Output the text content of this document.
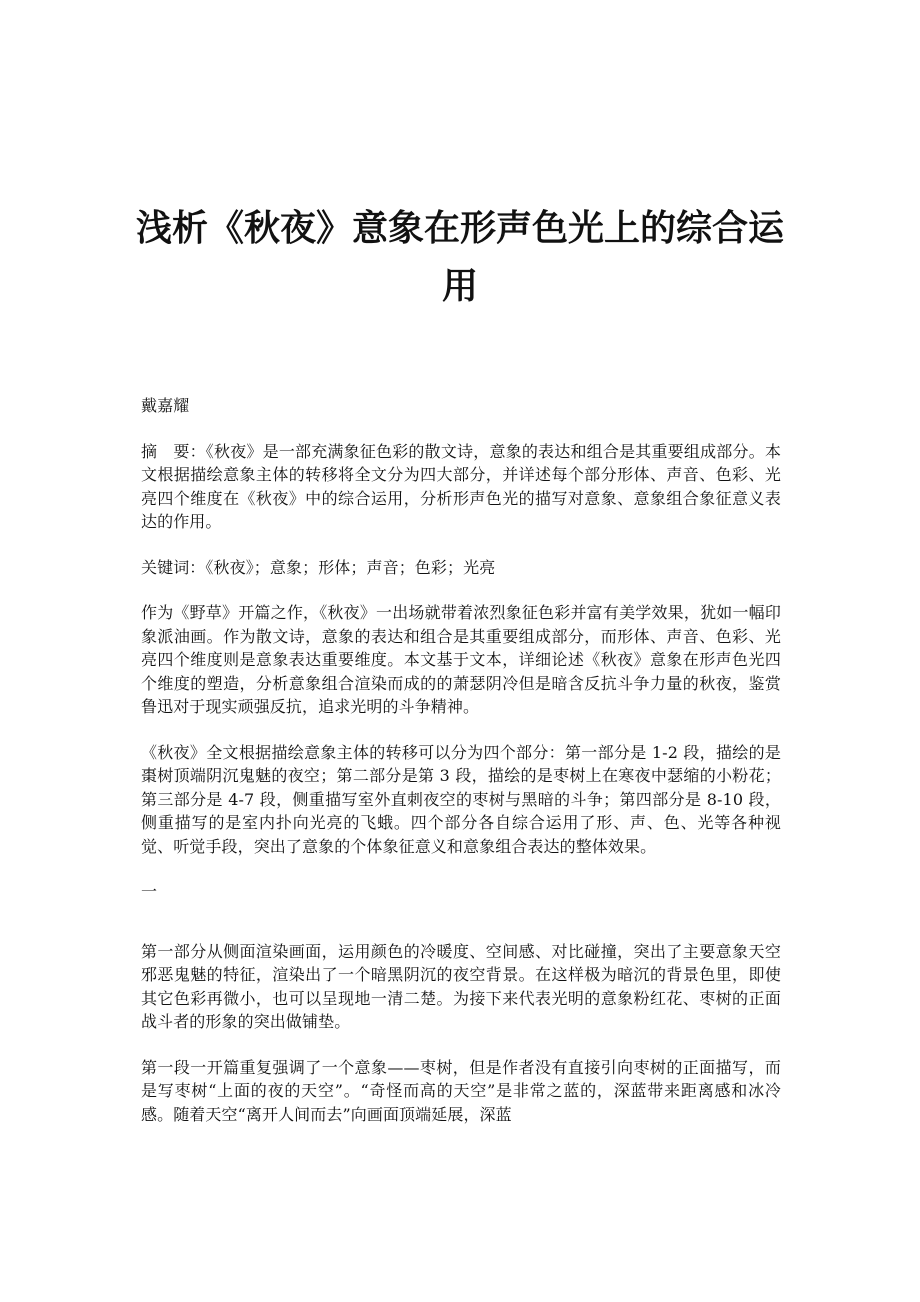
浅析《秋夜》意象在形声色光上的综合运用

戴嘉耀

摘　要：《秋夜》是一部充满象征色彩的散文诗，意象的表达和组合是其重要组成部分。本文根据描绘意象主体的转移将全文分为四大部分，并详述每个部分形体、声音、色彩、光亮四个维度在《秋夜》中的综合运用，分析形声色光的描写对意象、意象组合象征意义表达的作用。

关键词：《秋夜》；意象；形体；声音；色彩；光亮

作为《野草》开篇之作，《秋夜》一出场就带着浓烈象征色彩并富有美学效果，犹如一幅印象派油画。作为散文诗，意象的表达和组合是其重要组成部分，而形体、声音、色彩、光亮四个维度则是意象表达重要维度。本文基于文本，详细论述《秋夜》意象在形声色光四个维度的塑造，分析意象组合渲染而成的的萧瑟阴冷但是暗含反抗斗争力量的秋夜，鉴赏鲁迅对于现实顽强反抗，追求光明的斗争精神。

《秋夜》全文根据描绘意象主体的转移可以分为四个部分：第一部分是 1-2 段，描绘的是棗树顶端阴沉鬼魅的夜空；第二部分是第 3 段，描绘的是枣树上在寒夜中瑟缩的小粉花；第三部分是 4-7 段，侧重描写室外直刺夜空的枣树与黑暗的斗争；第四部分是 8-10 段，侧重描写的是室内扑向光亮的飞蛾。四个部分各自综合运用了形、声、色、光等各种视觉、听觉手段，突出了意象的个体象征意义和意象组合表达的整体效果。

一

第一部分从侧面渲染画面，运用颜色的冷暖度、空间感、对比碰撞，突出了主要意象天空邪恶鬼魅的特征，渲染出了一个暗黑阴沉的夜空背景。在这样极为暗沉的背景色里，即使其它色彩再微小，也可以呈现地一清二楚。为接下来代表光明的意象粉红花、枣树的正面战斗者的形象的突出做铺垫。

第一段一开篇重复强调了一个意象——枣树，但是作者没有直接引向枣树的正面描写，而是写枣树“上面的夜的天空”。“奇怪而高的天空”是非常之蓝的，深蓝带来距离感和冰冷感。随着天空“离开人间而去”向画面顶端延展，深蓝
